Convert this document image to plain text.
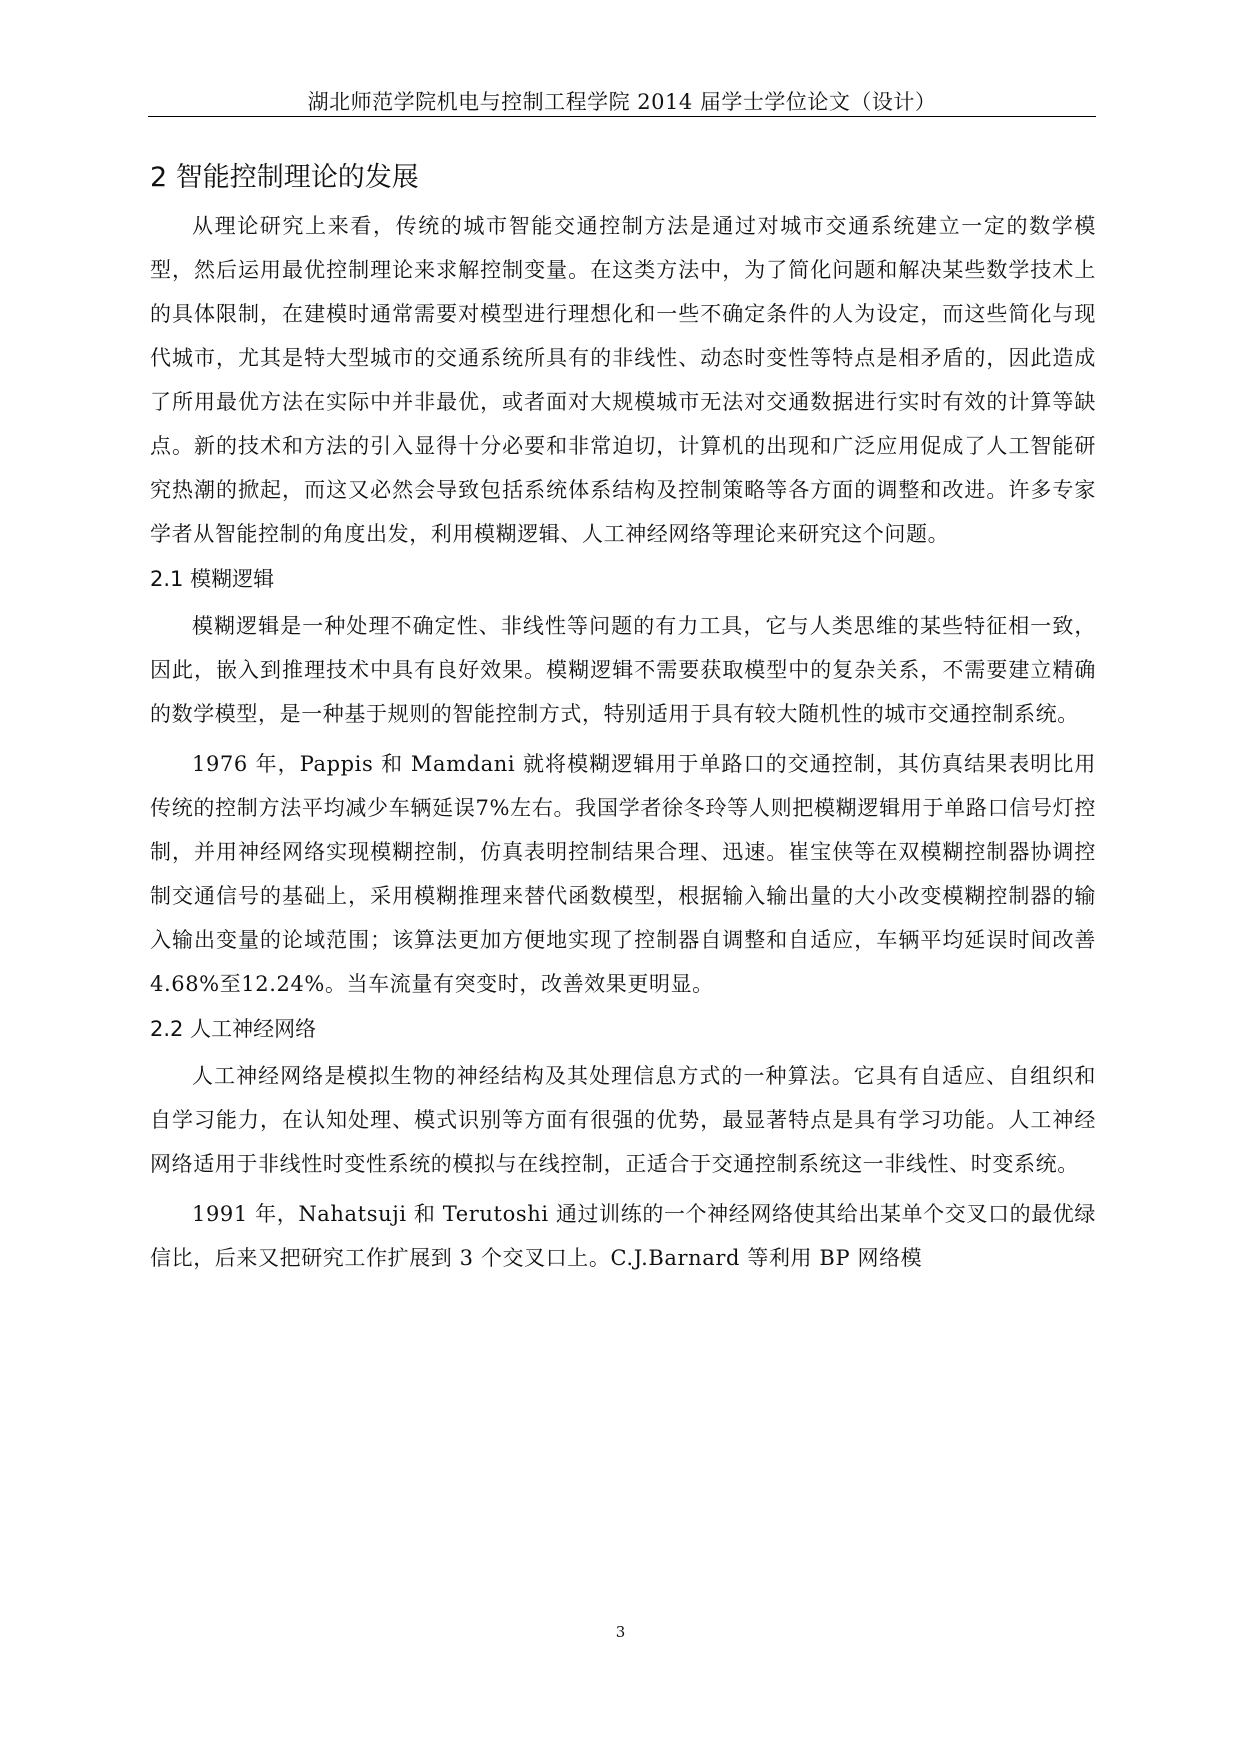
湖北师范学院机电与控制工程学院 2014 届学士学位论文（设计）
2 智能控制理论的发展

从理论研究上来看，传统的城市智能交通控制方法是通过对城市交通系统建立一定的数学模型，然后运用最优控制理论来求解控制变量。在这类方法中，为了简化问题和解决某些数学技术上的具体限制，在建模时通常需要对模型进行理想化和一些不确定条件的人为设定，而这些简化与现代城市，尤其是特大型城市的交通系统所具有的非线性、动态时变性等特点是相矛盾的，因此造成了所用最优方法在实际中并非最优，或者面对大规模城市无法对交通数据进行实时有效的计算等缺点。新的技术和方法的引入显得十分必要和非常迫切，计算机的出现和广泛应用促成了人工智能研究热潮的掀起，而这又必然会导致包括系统体系结构及控制策略等各方面的调整和改进。许多专家学者从智能控制的角度出发，利用模糊逻辑、人工神经网络等理论来研究这个问题。

2.1 模糊逻辑

模糊逻辑是一种处理不确定性、非线性等问题的有力工具，它与人类思维的某些特征相一致，因此，嵌入到推理技术中具有良好效果。模糊逻辑不需要获取模型中的复杂关系，不需要建立精确的数学模型，是一种基于规则的智能控制方式，特别适用于具有较大随机性的城市交通控制系统。

1976 年，Pappis 和 Mamdani 就将模糊逻辑用于单路口的交通控制，其仿真结果表明比用传统的控制方法平均减少车辆延误7%左右。我国学者徐冬玲等人则把模糊逻辑用于单路口信号灯控制，并用神经网络实现模糊控制，仿真表明控制结果合理、迅速。崔宝侠等在双模糊控制器协调控制交通信号的基础上，采用模糊推理来替代函数模型，根据输入输出量的大小改变模糊控制器的输入输出变量的论域范围；该算法更加方便地实现了控制器自调整和自适应，车辆平均延误时间改善4.68%至12.24%。当车流量有突变时，改善效果更明显。

2.2 人工神经网络

人工神经网络是模拟生物的神经结构及其处理信息方式的一种算法。它具有自适应、自组织和自学习能力，在认知处理、模式识别等方面有很强的优势，最显著特点是具有学习功能。人工神经网络适用于非线性时变性系统的模拟与在线控制，正适合于交通控制系统这一非线性、时变系统。

1991 年，Nahatsuji 和 Terutoshi 通过训练的一个神经网络使其给出某单个交叉口的最优绿信比，后来又把研究工作扩展到 3 个交叉口上。C.J.Barnard 等利用 BP 网络模

3
